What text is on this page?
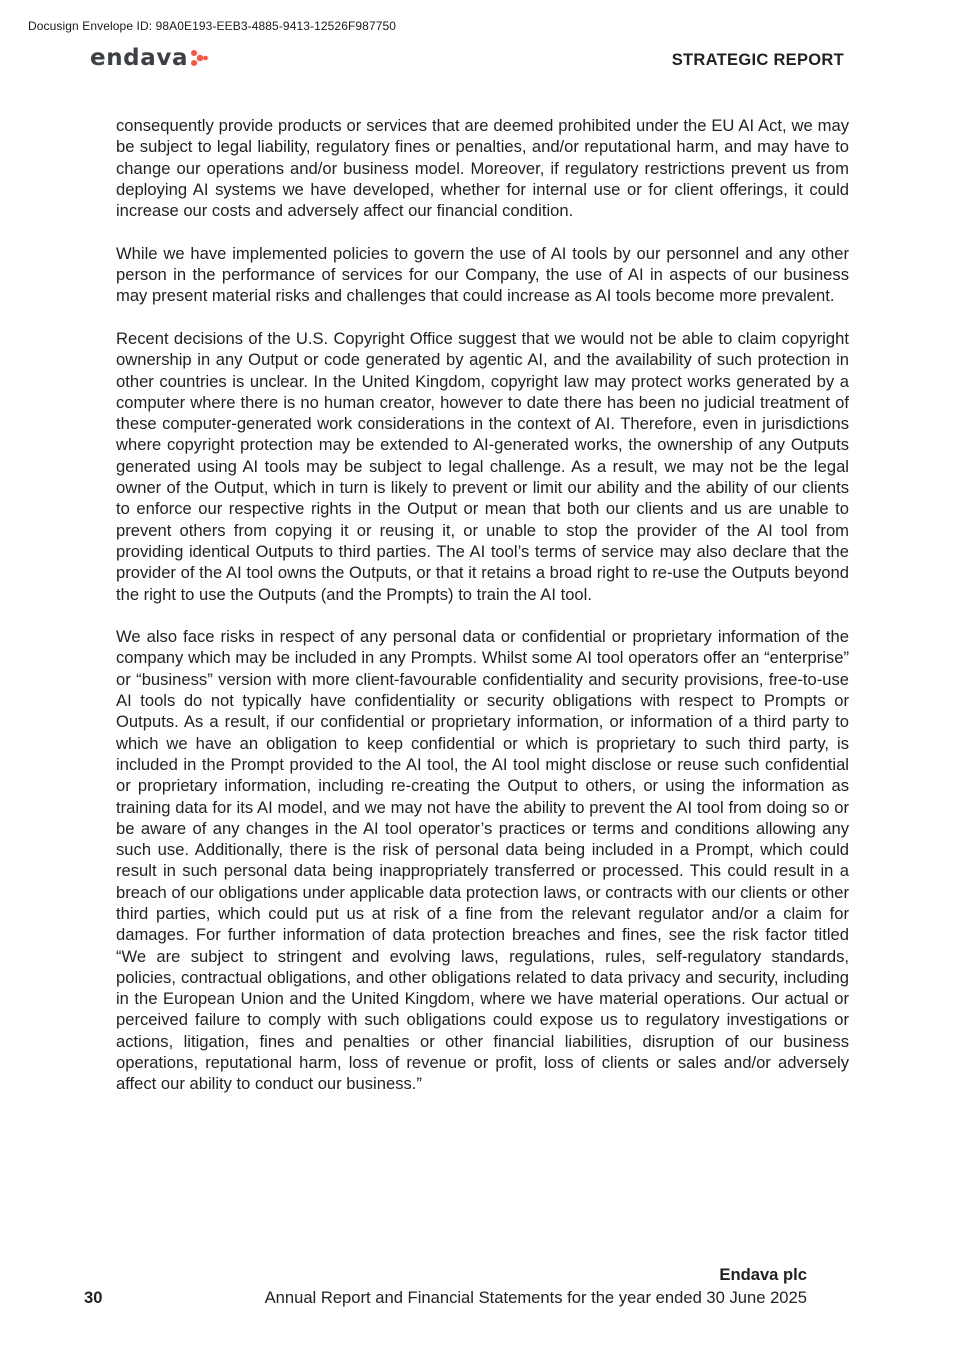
Docusign Envelope ID: 98A0E193-EEB3-4885-9413-12526F987750
endava	STRATEGIC REPORT

consequently provide products or services that are deemed prohibited under the EU AI Act, we may be subject to legal liability, regulatory fines or penalties, and/or reputational harm, and may have to change our operations and/or business model. Moreover, if regulatory restrictions prevent us from deploying AI systems we have developed, whether for internal use or for client offerings, it could increase our costs and adversely affect our financial condition.

While we have implemented policies to govern the use of AI tools by our personnel and any other person in the performance of services for our Company, the use of AI in aspects of our business may present material risks and challenges that could increase as AI tools become more prevalent.

Recent decisions of the U.S. Copyright Office suggest that we would not be able to claim copyright ownership in any Output or code generated by agentic AI, and the availability of such protection in other countries is unclear. In the United Kingdom, copyright law may protect works generated by a computer where there is no human creator, however to date there has been no judicial treatment of these computer-generated work considerations in the context of AI. Therefore, even in jurisdictions where copyright protection may be extended to AI-generated works, the ownership of any Outputs generated using AI tools may be subject to legal challenge. As a result, we may not be the legal owner of the Output, which in turn is likely to prevent or limit our ability and the ability of our clients to enforce our respective rights in the Output or mean that both our clients and us are unable to prevent others from copying it or reusing it, or unable to stop the provider of the AI tool from providing identical Outputs to third parties. The AI tool’s terms of service may also declare that the provider of the AI tool owns the Outputs, or that it retains a broad right to re-use the Outputs beyond the right to use the Outputs (and the Prompts) to train the AI tool.

We also face risks in respect of any personal data or confidential or proprietary information of the company which may be included in any Prompts. Whilst some AI tool operators offer an “enterprise” or “business” version with more client-favourable confidentiality and security provisions, free-to-use AI tools do not typically have confidentiality or security obligations with respect to Prompts or Outputs. As a result, if our confidential or proprietary information, or information of a third party to which we have an obligation to keep confidential or which is proprietary to such third party, is included in the Prompt provided to the AI tool, the AI tool might disclose or reuse such confidential or proprietary information, including re-creating the Output to others, or using the information as training data for its AI model, and we may not have the ability to prevent the AI tool from doing so or be aware of any changes in the AI tool operator’s practices or terms and conditions allowing any such use. Additionally, there is the risk of personal data being included in a Prompt, which could result in such personal data being inappropriately transferred or processed. This could result in a breach of our obligations under applicable data protection laws, or contracts with our clients or other third parties, which could put us at risk of a fine from the relevant regulator and/or a claim for damages. For further information of data protection breaches and fines, see the risk factor titled “We are subject to stringent and evolving laws, regulations, rules, self-regulatory standards, policies, contractual obligations, and other obligations related to data privacy and security, including in the European Union and the United Kingdom, where we have material operations. Our actual or perceived failure to comply with such obligations could expose us to regulatory investigations or actions, litigation, fines and penalties or other financial liabilities, disruption of our business operations, reputational harm, loss of revenue or profit, loss of clients or sales and/or adversely affect our ability to conduct our business.”

Endava plc
30	Annual Report and Financial Statements for the year ended 30 June 2025
